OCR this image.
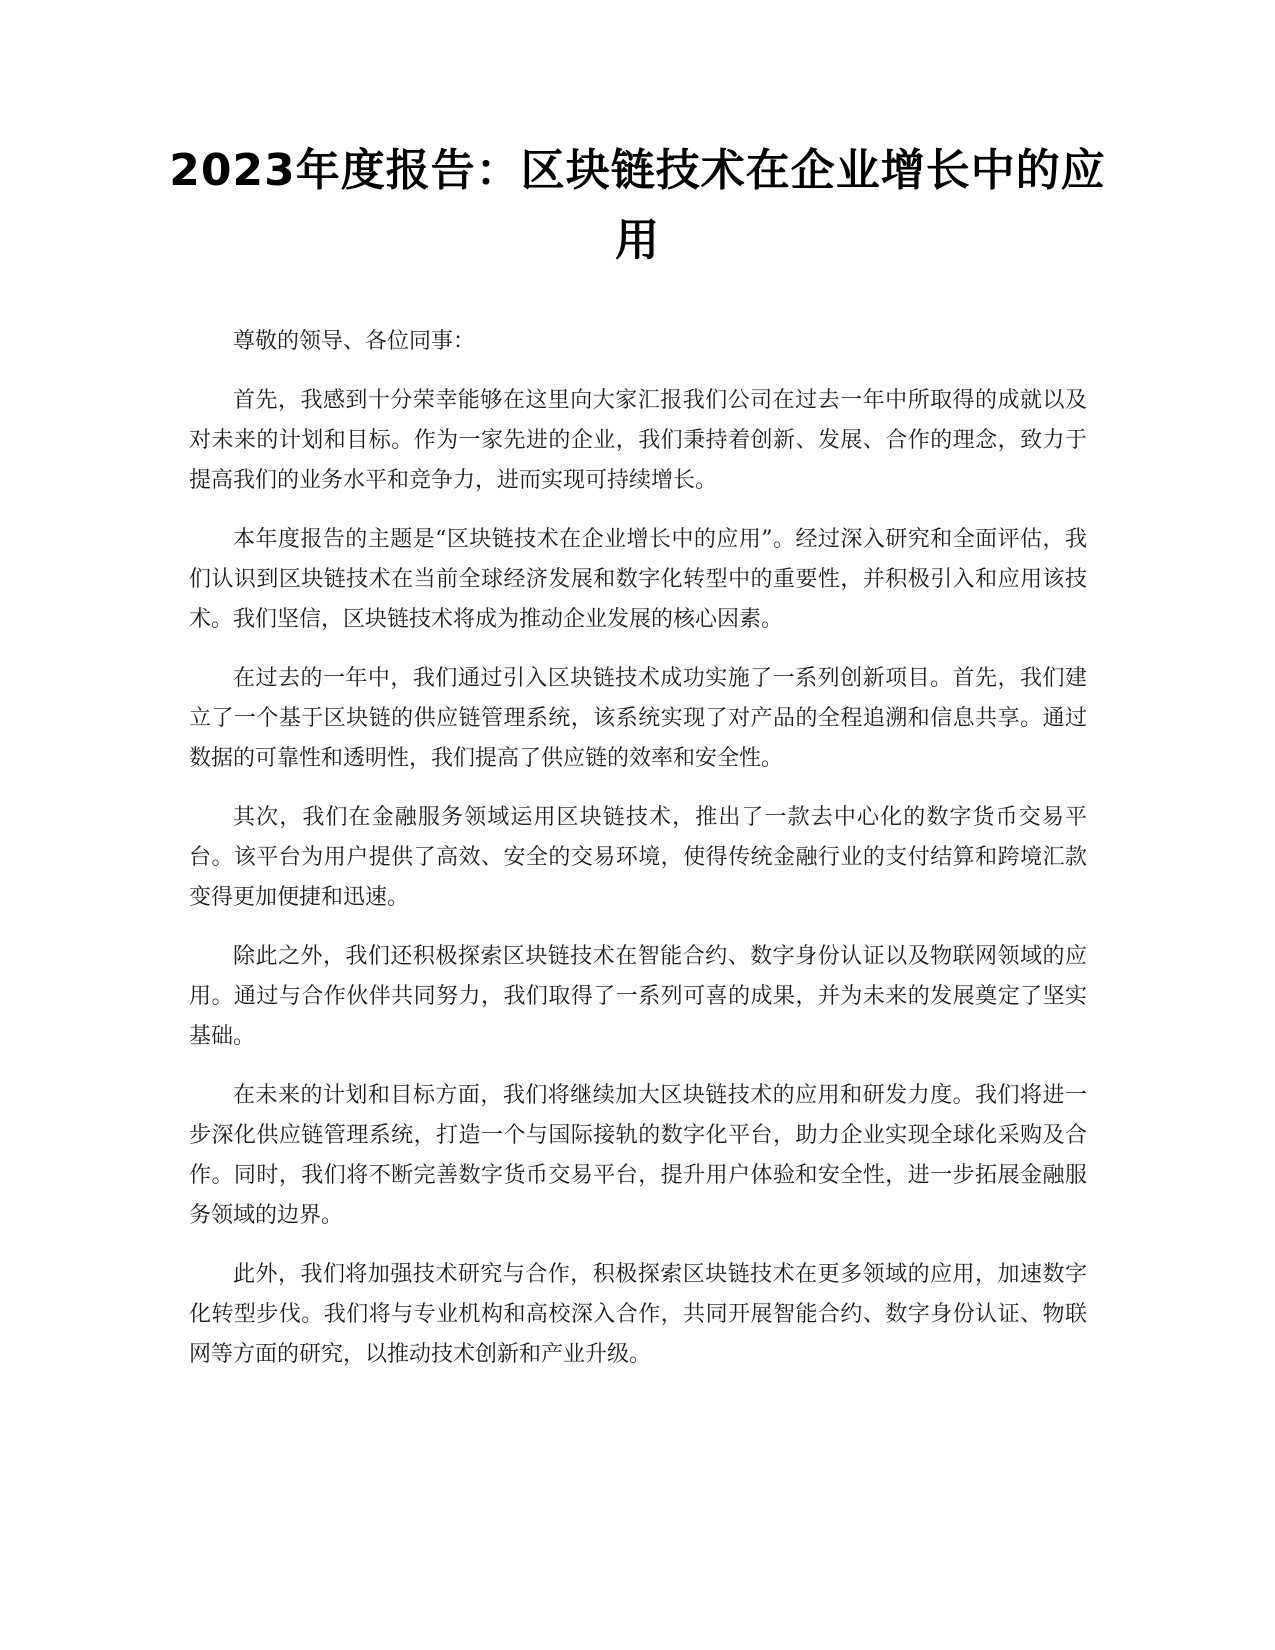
2023年度报告：区块链技术在企业增长中的应用

尊敬的领导、各位同事：

首先，我感到十分荣幸能够在这里向大家汇报我们公司在过去一年中所取得的成就以及对未来的计划和目标。作为一家先进的企业，我们秉持着创新、发展、合作的理念，致力于提高我们的业务水平和竞争力，进而实现可持续增长。

本年度报告的主题是“区块链技术在企业增长中的应用”。经过深入研究和全面评估，我们认识到区块链技术在当前全球经济发展和数字化转型中的重要性，并积极引入和应用该技术。我们坚信，区块链技术将成为推动企业发展的核心因素。

在过去的一年中，我们通过引入区块链技术成功实施了一系列创新项目。首先，我们建立了一个基于区块链的供应链管理系统，该系统实现了对产品的全程追溯和信息共享。通过数据的可靠性和透明性，我们提高了供应链的效率和安全性。

其次，我们在金融服务领域运用区块链技术，推出了一款去中心化的数字货币交易平台。该平台为用户提供了高效、安全的交易环境，使得传统金融行业的支付结算和跨境汇款变得更加便捷和迅速。

除此之外，我们还积极探索区块链技术在智能合约、数字身份认证以及物联网领域的应用。通过与合作伙伴共同努力，我们取得了一系列可喜的成果，并为未来的发展奠定了坚实基础。

在未来的计划和目标方面，我们将继续加大区块链技术的应用和研发力度。我们将进一步深化供应链管理系统，打造一个与国际接轨的数字化平台，助力企业实现全球化采购及合作。同时，我们将不断完善数字货币交易平台，提升用户体验和安全性，进一步拓展金融服务领域的边界。

此外，我们将加强技术研究与合作，积极探索区块链技术在更多领域的应用，加速数字化转型步伐。我们将与专业机构和高校深入合作，共同开展智能合约、数字身份认证、物联网等方面的研究，以推动技术创新和产业升级。
